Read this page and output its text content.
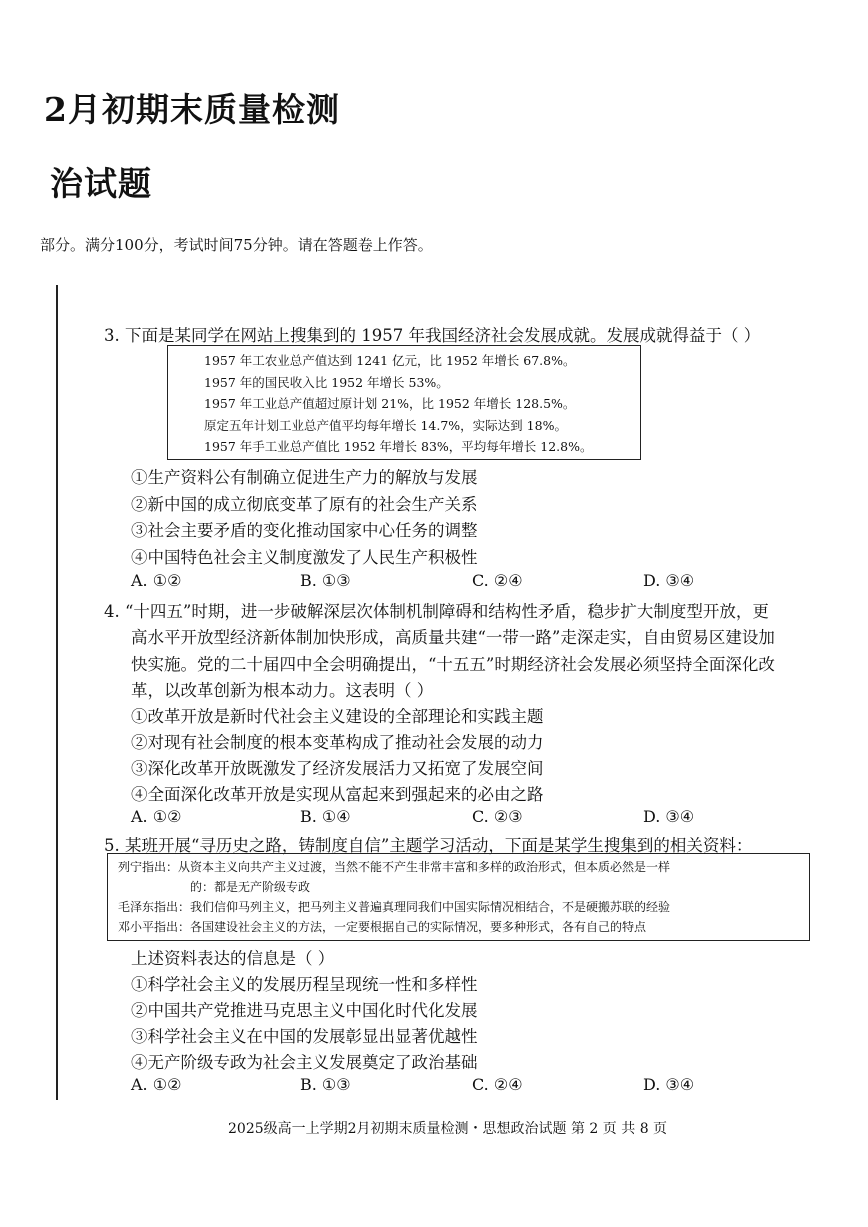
2月初期末质量检测
治试题
部分。满分100分，考试时间75分钟。请在答题卷上作答。
3. 下面是某同学在网站上搜集到的 1957 年我国经济社会发展成就。发展成就得益于（ ）
1957 年工农业总产值达到 1241 亿元，比 1952 年增长 67.8%。
1957 年的国民收入比 1952 年增长 53%。
1957 年工业总产值超过原计划 21%，比 1952 年增长 128.5%。
原定五年计划工业总产值平均每年增长 14.7%，实际达到 18%。
1957 年手工业总产值比 1952 年增长 83%，平均每年增长 12.8%。
①生产资料公有制确立促进生产力的解放与发展
②新中国的成立彻底变革了原有的社会生产关系
③社会主要矛盾的变化推动国家中心任务的调整
④中国特色社会主义制度激发了人民生产积极性
A. ①②	B. ①③	C. ②④	D. ③④
4. “十四五”时期，进一步破解深层次体制机制障碍和结构性矛盾，稳步扩大制度型开放，更
高水平开放型经济新体制加快形成，高质量共建“一带一路”走深走实，自由贸易区建设加
快实施。党的二十届四中全会明确提出，“十五五”时期经济社会发展必须坚持全面深化改
革，以改革创新为根本动力。这表明（ ）
①改革开放是新时代社会主义建设的全部理论和实践主题
②对现有社会制度的根本变革构成了推动社会发展的动力
③深化改革开放既激发了经济发展活力又拓宽了发展空间
④全面深化改革开放是实现从富起来到强起来的必由之路
A. ①②	B. ①④	C. ②③	D. ③④
5. 某班开展“寻历史之路，铸制度自信”主题学习活动，下面是某学生搜集到的相关资料：
列宁指出：从资本主义向共产主义过渡，当然不能不产生非常丰富和多样的政治形式，但本质必然是一样
的：都是无产阶级专政
毛泽东指出：我们信仰马列主义，把马列主义普遍真理同我们中国实际情况相结合，不是硬搬苏联的经验
邓小平指出：各国建设社会主义的方法，一定要根据自己的实际情况，要多种形式，各有自己的特点
上述资料表达的信息是（ ）
①科学社会主义的发展历程呈现统一性和多样性
②中国共产党推进马克思主义中国化时代化发展
③科学社会主义在中国的发展彰显出显著优越性
④无产阶级专政为社会主义发展奠定了政治基础
A. ①②	B. ①③	C. ②④	D. ③④
2025级高一上学期2月初期末质量检测・思想政治试题 第 2 页 共 8 页
